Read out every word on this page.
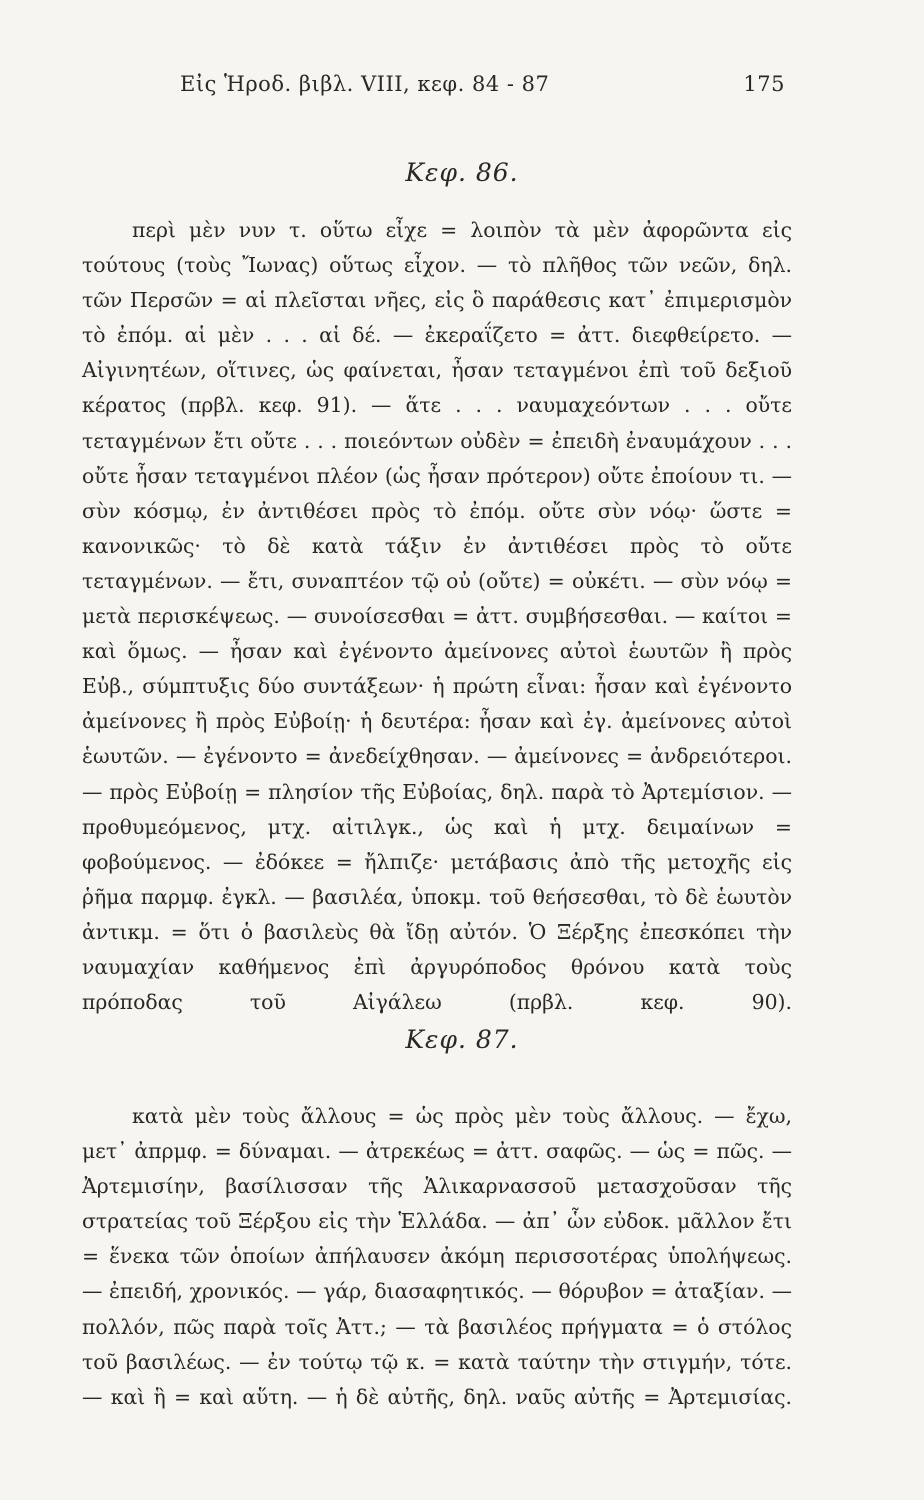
Εἰς Ἡροδ. βιβλ. VIII, κεφ. 84 - 87	175
Κεφ. 86.

περὶ μὲν νυν τ. οὕτω εἶχε = λοιπὸν τὰ μὲν ἀφορῶντα εἰς τούτους (τοὺς Ἴωνας) οὕτως εἶχον. — τὸ πλῆθος τῶν νεῶν, δηλ. τῶν Περσῶν = αἱ πλεῖσται νῆες, εἰς ὃ παράθεσις κατ᾽ ἐπιμερισμὸν τὸ ἐπόμ. αἱ μὲν . . . αἱ δέ. — ἐκεραΐζετο = ἀττ. διεφθείρετο. — Αἰγινητέων, οἵτινες, ὡς φαίνεται, ἦσαν τεταγμένοι ἐπὶ τοῦ δεξιοῦ κέρατος (πρβλ. κεφ. 91). — ἅτε . . . ναυμαχεόντων . . . οὔτε τεταγμένων ἔτι οὔτε . . . ποιεόντων οὐδὲν = ἐπειδὴ ἐναυμάχουν . . . οὔτε ἦσαν τεταγμένοι πλέον (ὡς ἦσαν πρότερον) οὔτε ἐποίουν τι. — σὺν κόσμῳ, ἐν ἀντιθέσει πρὸς τὸ ἐπόμ. οὔτε σὺν νόῳ· ὥστε = κανονικῶς· τὸ δὲ κατὰ τάξιν ἐν ἀντιθέσει πρὸς τὸ οὔτε τεταγμένων. — ἔτι, συναπτέον τῷ οὐ (οὔτε) = οὐκέτι. — σὺν νόῳ = μετὰ περισκέψεως. — συνοίσεσθαι = ἀττ. συμβήσεσθαι. — καίτοι = καὶ ὅμως. — ἦσαν καὶ ἐγένοντο ἀμείνονες αὐτοὶ ἑωυτῶν ἢ πρὸς Εὐβ., σύμπτυξις δύο συντάξεων· ἡ πρώτη εἶναι: ἦσαν καὶ ἐγένοντο ἀμείνονες ἢ πρὸς Εὐβοίῃ· ἡ δευτέρα: ἦσαν καὶ ἐγ. ἀμείνονες αὐτοὶ ἑωυτῶν. — ἐγένοντο = ἀνεδείχθησαν. — ἀμείνονες = ἀνδρειότεροι. — πρὸς Εὐβοίῃ = πλησίον τῆς Εὐβοίας, δηλ. παρὰ τὸ Ἀρτεμίσιον. — προθυμεόμενος, μτχ. αἰτιλγκ., ὡς καὶ ἡ μτχ. δειμαίνων = φοβούμενος. — ἐδόκεε = ἤλπιζε· μετάβασις ἀπὸ τῆς μετοχῆς εἰς ῥῆμα παρμφ. ἐγκλ. — βασιλέα, ὑποκμ. τοῦ θεήσεσθαι, τὸ δὲ ἑωυτὸν ἀντικμ. = ὅτι ὁ βασιλεὺς θὰ ἴδῃ αὐτόν. Ὁ Ξέρξης ἐπεσκόπει τὴν ναυμαχίαν καθήμενος ἐπὶ ἀργυρόποδος θρόνου κατὰ τοὺς πρόποδας τοῦ Αἰγάλεω (πρβλ. κεφ. 90).

Κεφ. 87.

κατὰ μὲν τοὺς ἄλλους = ὡς πρὸς μὲν τοὺς ἄλλους. — ἔχω, μετ᾽ ἀπρμφ. = δύναμαι. — ἀτρεκέως = ἀττ. σαφῶς. — ὡς = πῶς. — Ἀρτεμισίην, βασίλισσαν τῆς Ἁλικαρνασσοῦ μετασχοῦσαν τῆς στρατείας τοῦ Ξέρξου εἰς τὴν Ἑλλάδα. — ἀπ᾽ ὧν εὐδοκ. μᾶλλον ἔτι = ἕνεκα τῶν ὁποίων ἀπήλαυσεν ἀκόμη περισσοτέρας ὑπολήψεως. — ἐπειδή, χρονικός. — γάρ, διασαφητικός. — θόρυβον = ἀταξίαν. — πολλόν, πῶς παρὰ τοῖς Ἀττ.; — τὰ βασιλέος πρήγματα = ὁ στόλος τοῦ βασιλέως. — ἐν τούτῳ τῷ κ. = κατὰ ταύτην τὴν στιγμήν, τότε. — καὶ ἣ = καὶ αὕτη. — ἡ δὲ αὐτῆς, δηλ. ναῦς αὐτῆς = Ἀρτεμισίας.
